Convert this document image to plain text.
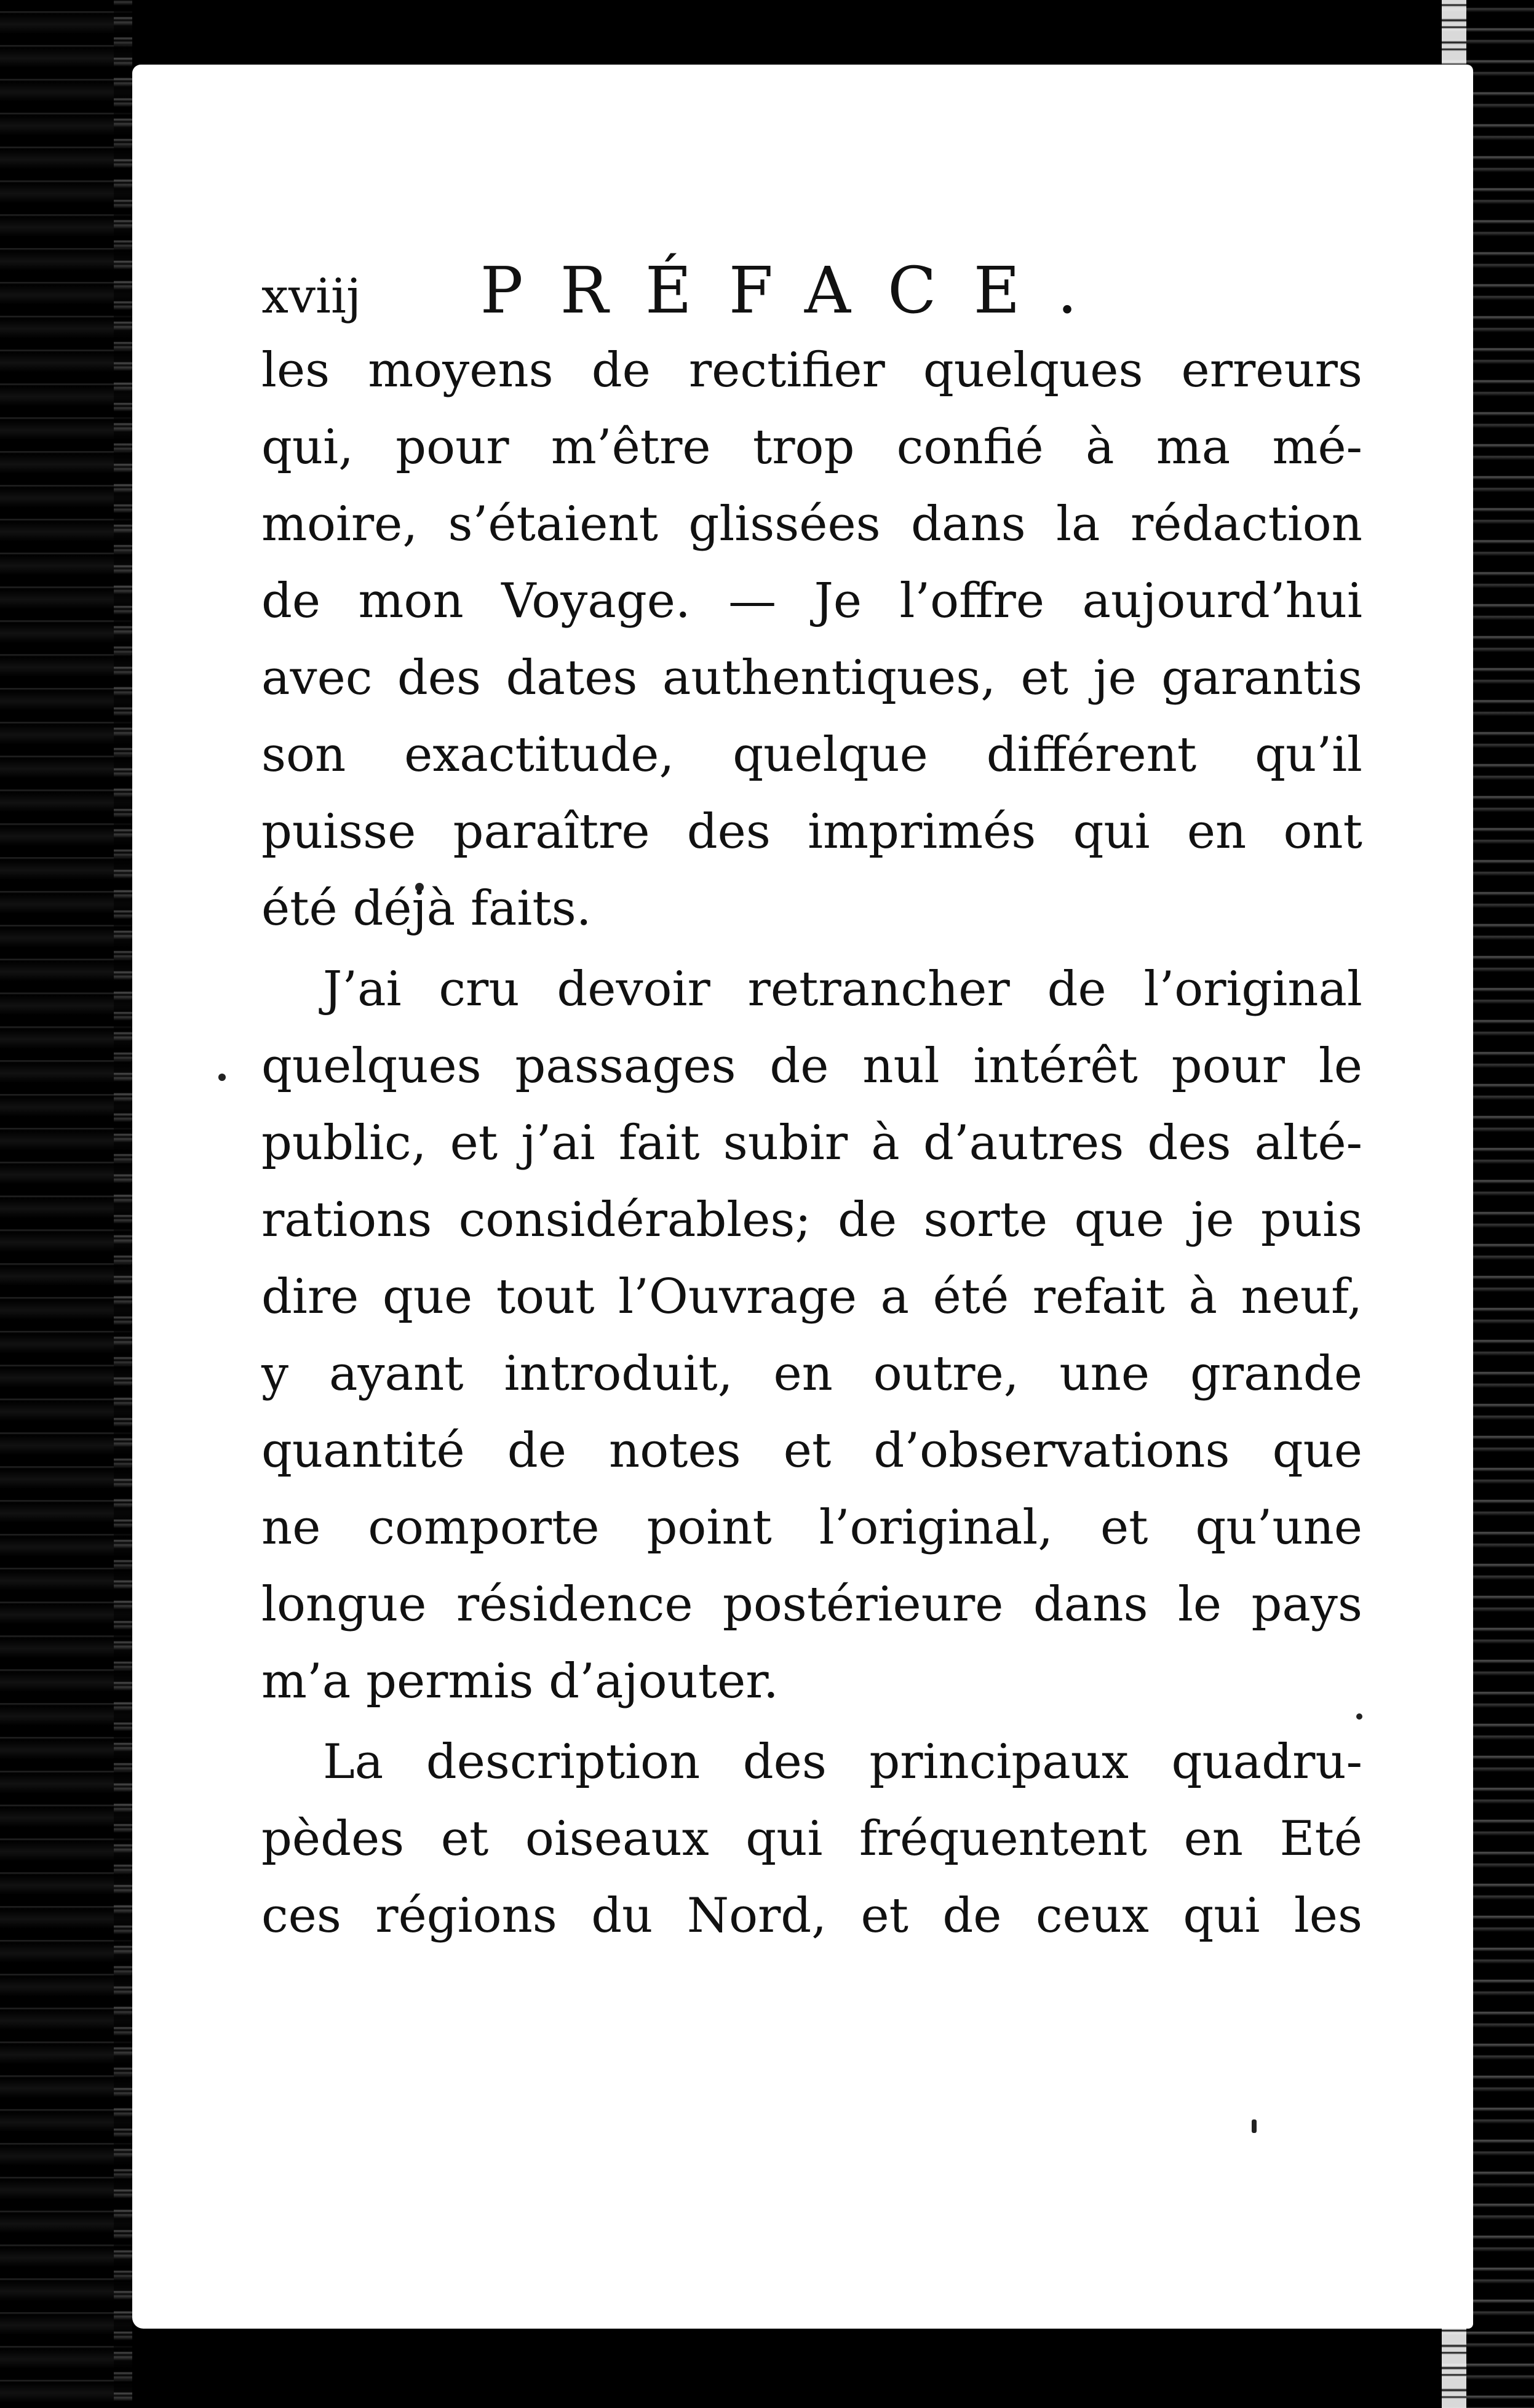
xviij PRÉFACE.
les moyens de rectifier quelques erreurs
qui, pour m’être trop confié à ma mé-
moire, s’étaient glissées dans la rédaction
de mon Voyage. — Je l’offre aujourd’hui
avec des dates authentiques, et je garantis
son exactitude, quelque différent qu’il
puisse paraître des imprimés qui en ont
été déjà faits.
J’ai cru devoir retrancher de l’original
quelques passages de nul intérêt pour le
public, et j’ai fait subir à d’autres des alté-
rations considérables; de sorte que je puis
dire que tout l’Ouvrage a été refait à neuf,
y ayant introduit, en outre, une grande
quantité de notes et d’observations que
ne comporte point l’original, et qu’une
longue résidence postérieure dans le pays
m’a permis d’ajouter.
La description des principaux quadru-
pèdes et oiseaux qui fréquentent en Eté
ces régions du Nord, et de ceux qui les
